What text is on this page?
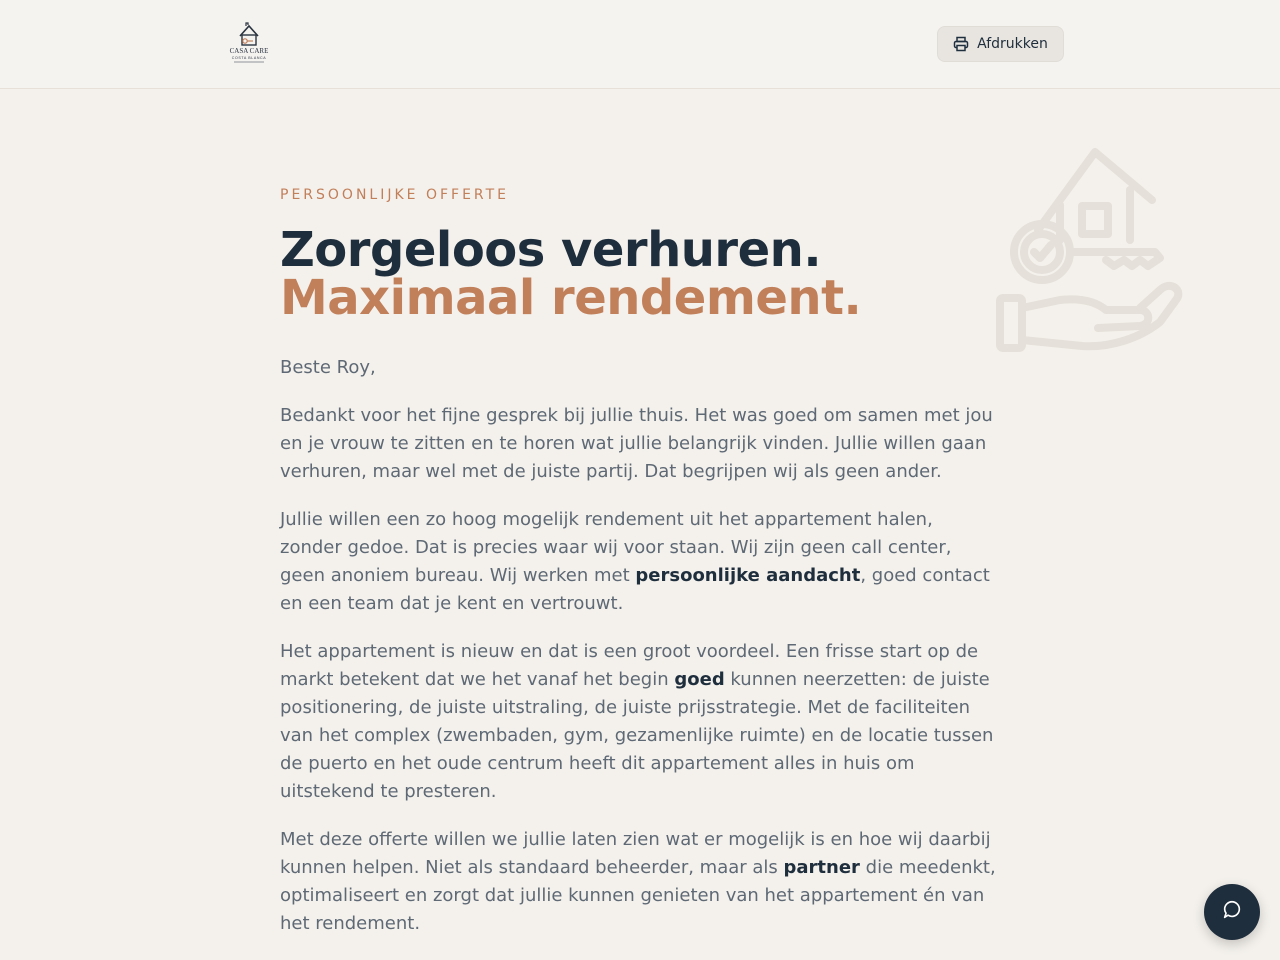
CASA CARE
COSTA BLANCA
Afdrukken

PERSOONLIJKE OFFERTE

Zorgeloos verhuren.
Maximaal rendement.

Beste Roy,

Bedankt voor het fijne gesprek bij jullie thuis. Het was goed om samen met jou en je vrouw te zitten en te horen wat jullie belangrijk vinden. Jullie willen gaan verhuren, maar wel met de juiste partij. Dat begrijpen wij als geen ander.

Jullie willen een zo hoog mogelijk rendement uit het appartement halen, zonder gedoe. Dat is precies waar wij voor staan. Wij zijn geen call center, geen anoniem bureau. Wij werken met persoonlijke aandacht, goed contact en een team dat je kent en vertrouwt.

Het appartement is nieuw en dat is een groot voordeel. Een frisse start op de markt betekent dat we het vanaf het begin goed kunnen neerzetten: de juiste positionering, de juiste uitstraling, de juiste prijsstrategie. Met de faciliteiten van het complex (zwembaden, gym, gezamenlijke ruimte) en de locatie tussen de puerto en het oude centrum heeft dit appartement alles in huis om uitstekend te presteren.

Met deze offerte willen we jullie laten zien wat er mogelijk is en hoe wij daarbij kunnen helpen. Niet als standaard beheerder, maar als partner die meedenkt, optimaliseert en zorgt dat jullie kunnen genieten van het appartement én van het rendement.
